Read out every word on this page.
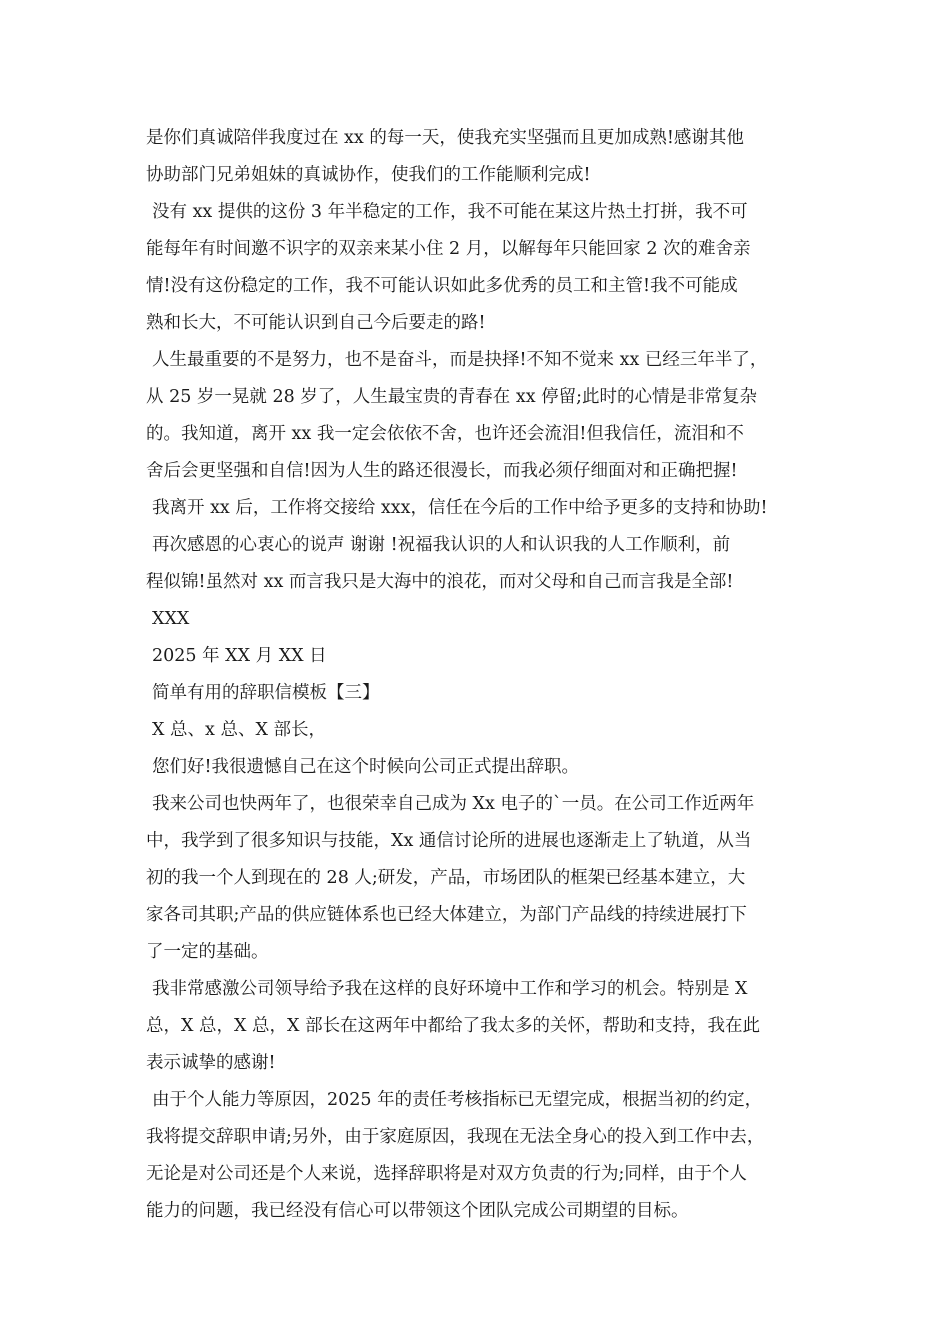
是你们真诚陪伴我度过在 xx 的每一天，使我充实坚强而且更加成熟!感谢其他
协助部门兄弟姐妹的真诚协作，使我们的工作能顺利完成!
没有 xx 提供的这份 3 年半稳定的工作，我不可能在某这片热土打拼，我不可
能每年有时间邀不识字的双亲来某小住 2 月，以解每年只能回家 2 次的难舍亲
情!没有这份稳定的工作，我不可能认识如此多优秀的员工和主管!我不可能成
熟和长大，不可能认识到自己今后要走的路!
人生最重要的不是努力，也不是奋斗，而是抉择!不知不觉来 xx 已经三年半了，
从 25 岁一晃就 28 岁了，人生最宝贵的青春在 xx 停留;此时的心情是非常复杂
的。我知道，离开 xx 我一定会依依不舍，也许还会流泪!但我信任，流泪和不
舍后会更坚强和自信!因为人生的路还很漫长，而我必须仔细面对和正确把握!
我离开 xx 后，工作将交接给 xxx，信任在今后的工作中给予更多的支持和协助!
再次感恩的心衷心的说声 谢谢 !祝福我认识的人和认识我的人工作顺利，前
程似锦!虽然对 xx 而言我只是大海中的浪花，而对父母和自己而言我是全部!
XXX
2025 年 XX 月 XX 日
简单有用的辞职信模板【三】
X 总、x 总、X 部长，
您们好!我很遗憾自己在这个时候向公司正式提出辞职。
我来公司也快两年了，也很荣幸自己成为 Xx 电子的`一员。在公司工作近两年
中，我学到了很多知识与技能，Xx 通信讨论所的进展也逐渐走上了轨道，从当
初的我一个人到现在的 28 人;研发，产品，市场团队的框架已经基本建立，大
家各司其职;产品的供应链体系也已经大体建立，为部门产品线的持续进展打下
了一定的基础。
我非常感激公司领导给予我在这样的良好环境中工作和学习的机会。特别是 X
总，X 总，X 总，X 部长在这两年中都给了我太多的关怀，帮助和支持，我在此
表示诚挚的感谢!
由于个人能力等原因，2025 年的责任考核指标已无望完成，根据当初的约定，
我将提交辞职申请;另外，由于家庭原因，我现在无法全身心的投入到工作中去，
无论是对公司还是个人来说，选择辞职将是对双方负责的行为;同样，由于个人
能力的问题，我已经没有信心可以带领这个团队完成公司期望的目标。
